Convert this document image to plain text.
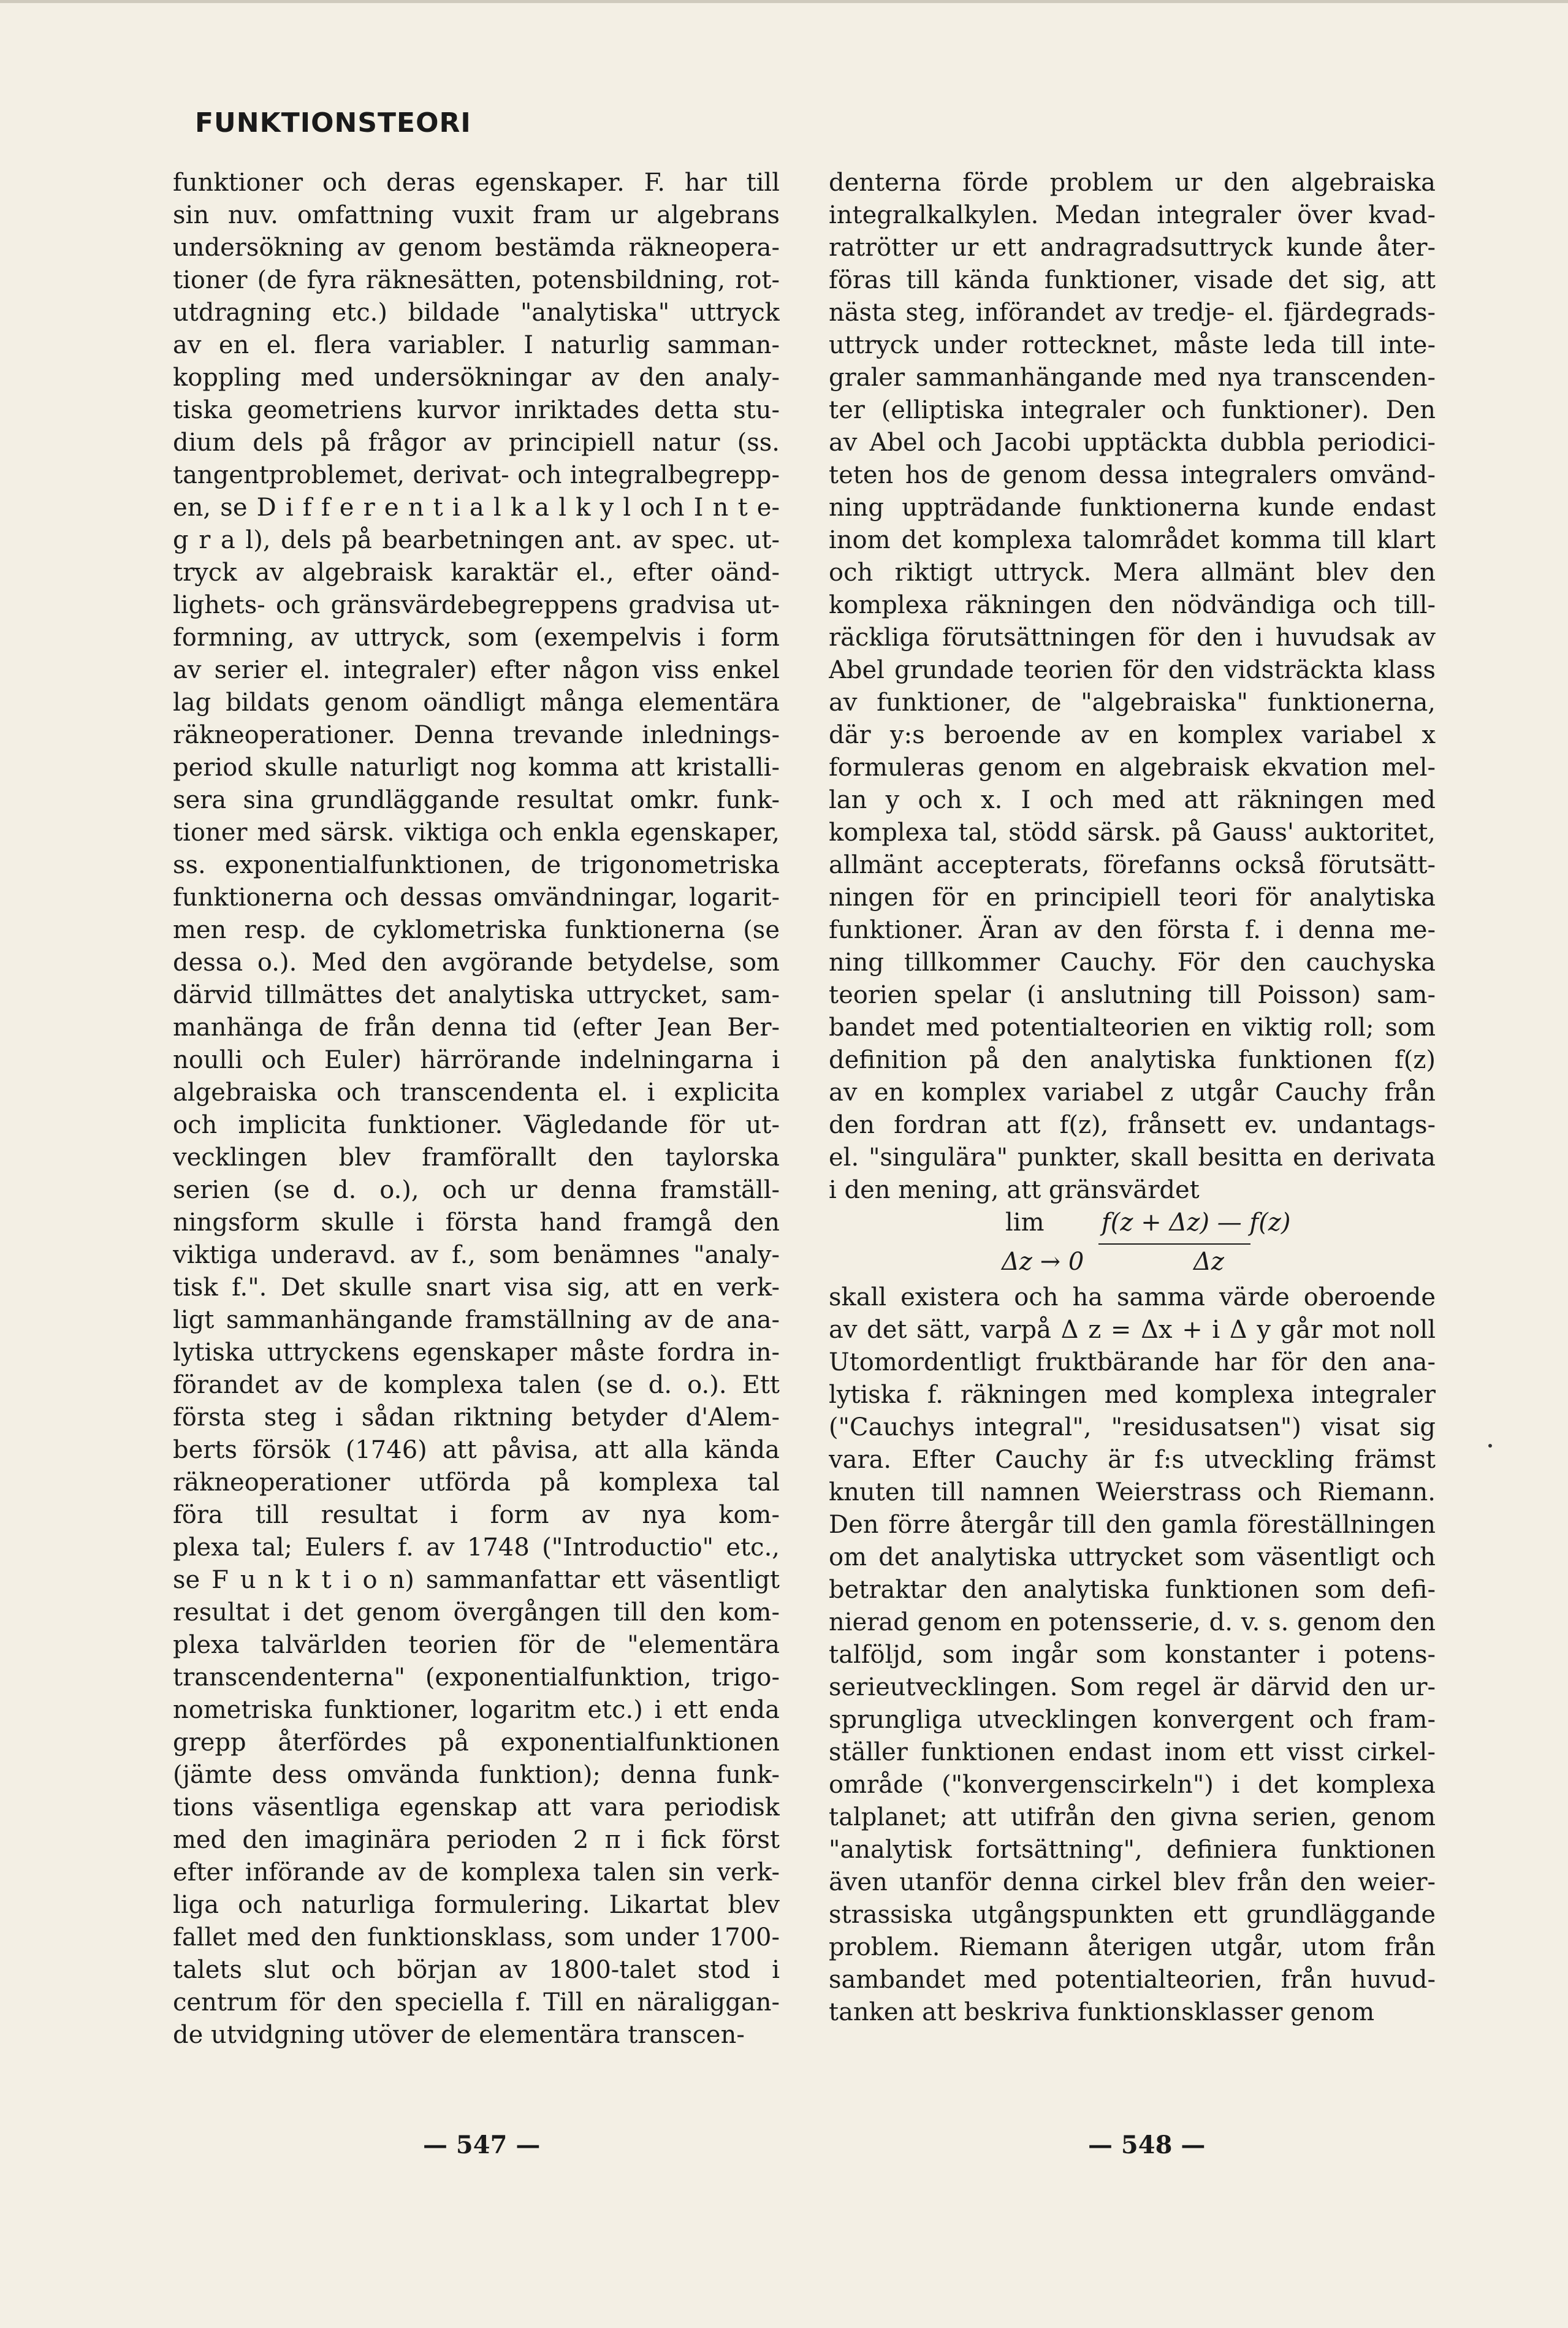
FUNKTIONSTEORI
funktioner och deras egenskaper. F. har till
sin nuv. omfattning vuxit fram ur algebrans
undersökning av genom bestämda räkneopera-
tioner (de fyra räknesätten, potensbildning, rot-
utdragning etc.) bildade "analytiska" uttryck
av en el. flera variabler. I naturlig samman-
koppling med undersökningar av den analy-
tiska geometriens kurvor inriktades detta stu-
dium dels på frågor av principiell natur (ss.
tangentproblemet, derivat- och integralbegrepp-
en, se D i f f e r e n t i a l k a l k y l och I n t e-
g r a l), dels på bearbetningen ant. av spec. ut-
tryck av algebraisk karaktär el., efter oänd-
lighets- och gränsvärdebegreppens gradvisa ut-
formning, av uttryck, som (exempelvis i form
av serier el. integraler) efter någon viss enkel
lag bildats genom oändligt många elementära
räkneoperationer. Denna trevande inlednings-
period skulle naturligt nog komma att kristalli-
sera sina grundläggande resultat omkr. funk-
tioner med särsk. viktiga och enkla egenskaper,
ss. exponentialfunktionen, de trigonometriska
funktionerna och dessas omvändningar, logarit-
men resp. de cyklometriska funktionerna (se
dessa o.). Med den avgörande betydelse, som
därvid tillmättes det analytiska uttrycket, sam-
manhänga de från denna tid (efter Jean Ber-
noulli och Euler) härrörande indelningarna i
algebraiska och transcendenta el. i explicita
och implicita funktioner. Vägledande för ut-
vecklingen blev framförallt den taylorska
serien (se d. o.), och ur denna framställ-
ningsform skulle i första hand framgå den
viktiga underavd. av f., som benämnes "analy-
tisk f.". Det skulle snart visa sig, att en verk-
ligt sammanhängande framställning av de ana-
lytiska uttryckens egenskaper måste fordra in-
förandet av de komplexa talen (se d. o.). Ett
första steg i sådan riktning betyder d'Alem-
berts försök (1746) att påvisa, att alla kända
räkneoperationer utförda på komplexa tal
föra till resultat i form av nya kom-
plexa tal; Eulers f. av 1748 ("Introductio" etc.,
se F u n k t i o n) sammanfattar ett väsentligt
resultat i det genom övergången till den kom-
plexa talvärlden teorien för de "elementära
transcendenterna" (exponentialfunktion, trigo-
nometriska funktioner, logaritm etc.) i ett enda
grepp återfördes på exponentialfunktionen
(jämte dess omvända funktion); denna funk-
tions väsentliga egenskap att vara periodisk
med den imaginära perioden 2 π i fick först
efter införande av de komplexa talen sin verk-
liga och naturliga formulering. Likartat blev
fallet med den funktionsklass, som under 1700-
talets slut och början av 1800-talet stod i
centrum för den speciella f. Till en näraliggan-
de utvidgning utöver de elementära transcen-
denterna förde problem ur den algebraiska
integralkalkylen. Medan integraler över kvad-
ratrötter ur ett andragradsuttryck kunde åter-
föras till kända funktioner, visade det sig, att
nästa steg, införandet av tredje- el. fjärdegrads-
uttryck under rottecknet, måste leda till inte-
graler sammanhängande med nya transcenden-
ter (elliptiska integraler och funktioner). Den
av Abel och Jacobi upptäckta dubbla periodici-
teten hos de genom dessa integralers omvänd-
ning uppträdande funktionerna kunde endast
inom det komplexa talområdet komma till klart
och riktigt uttryck. Mera allmänt blev den
komplexa räkningen den nödvändiga och till-
räckliga förutsättningen för den i huvudsak av
Abel grundade teorien för den vidsträckta klass
av funktioner, de "algebraiska" funktionerna,
där y:s beroende av en komplex variabel x
formuleras genom en algebraisk ekvation mel-
lan y och x. I och med att räkningen med
komplexa tal, stödd särsk. på Gauss' auktoritet,
allmänt accepterats, förefanns också förutsätt-
ningen för en principiell teori för analytiska
funktioner. Äran av den första f. i denna me-
ning tillkommer Cauchy. För den cauchyska
teorien spelar (i anslutning till Poisson) sam-
bandet med potentialteorien en viktig roll; som
definition på den analytiska funktionen f(z)
av en komplex variabel z utgår Cauchy från
den fordran att f(z), frånsett ev. undantags-
el. "singulära" punkter, skall besitta en derivata
i den mening, att gränsvärdet
lim f(z + Δz) — f(z)
Δz → 0	Δz
skall existera och ha samma värde oberoende
av det sätt, varpå Δ z = Δx + i Δ y går mot noll
Utomordentligt fruktbärande har för den ana-
lytiska f. räkningen med komplexa integraler
("Cauchys integral", "residusatsen") visat sig
vara. Efter Cauchy är f:s utveckling främst
knuten till namnen Weierstrass och Riemann.
Den förre återgår till den gamla föreställningen
om det analytiska uttrycket som väsentligt och
betraktar den analytiska funktionen som defi-
nierad genom en potensserie, d. v. s. genom den
talföljd, som ingår som konstanter i potens-
serieutvecklingen. Som regel är därvid den ur-
sprungliga utvecklingen konvergent och fram-
ställer funktionen endast inom ett visst cirkel-
område ("konvergenscirkeln") i det komplexa
talplanet; att utifrån den givna serien, genom
"analytisk fortsättning", definiera funktionen
även utanför denna cirkel blev från den weier-
strassiska utgångspunkten ett grundläggande
problem. Riemann återigen utgår, utom från
sambandet med potentialteorien, från huvud-
tanken att beskriva funktionsklasser genom

— 547 —	— 548 —
